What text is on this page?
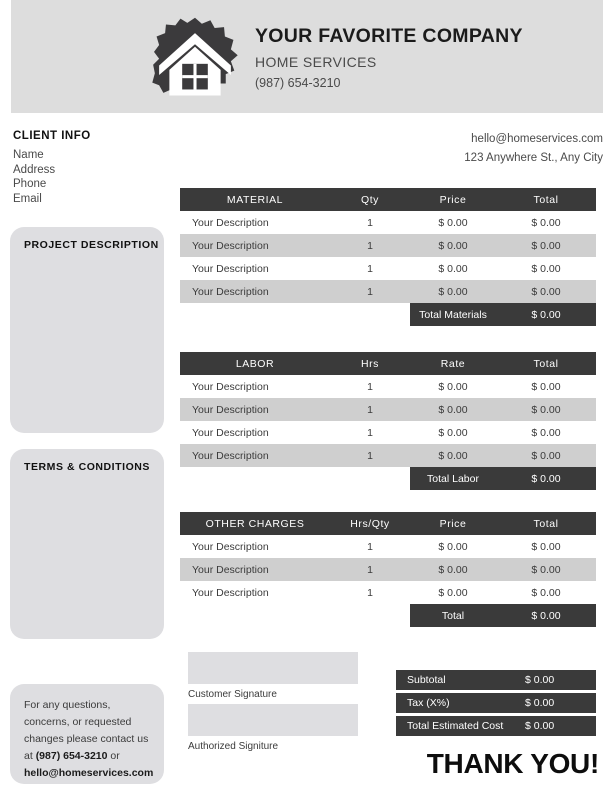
YOUR FAVORITE COMPANY
HOME SERVICES
(987) 654-3210
CLIENT INFO
Name
Address
Phone
Email
hello@homeservices.com
123 Anywhere St., Any City
PROJECT DESCRIPTION
TERMS & CONDITIONS
For any questions, concerns, or requested changes please contact us at (987) 654-3210 or hello@homeservices.com
MATERIAL	Qty	Price	Total
Your Description	1	$ 0.00	$ 0.00
Your Description	1	$ 0.00	$ 0.00
Your Description	1	$ 0.00	$ 0.00
Your Description	1	$ 0.00	$ 0.00
		Total Materials	$ 0.00
LABOR	Hrs	Rate	Total
Your Description	1	$ 0.00	$ 0.00
Your Description	1	$ 0.00	$ 0.00
Your Description	1	$ 0.00	$ 0.00
Your Description	1	$ 0.00	$ 0.00
		Total Labor	$ 0.00
OTHER CHARGES	Hrs/Qty	Price	Total
Your Description	1	$ 0.00	$ 0.00
Your Description	1	$ 0.00	$ 0.00
Your Description	1	$ 0.00	$ 0.00
		Total	$ 0.00
Customer Signature
Authorized Signiture
Subtotal	$ 0.00
Tax (X%)	$ 0.00
Total Estimated Cost	$ 0.00
THANK YOU!
